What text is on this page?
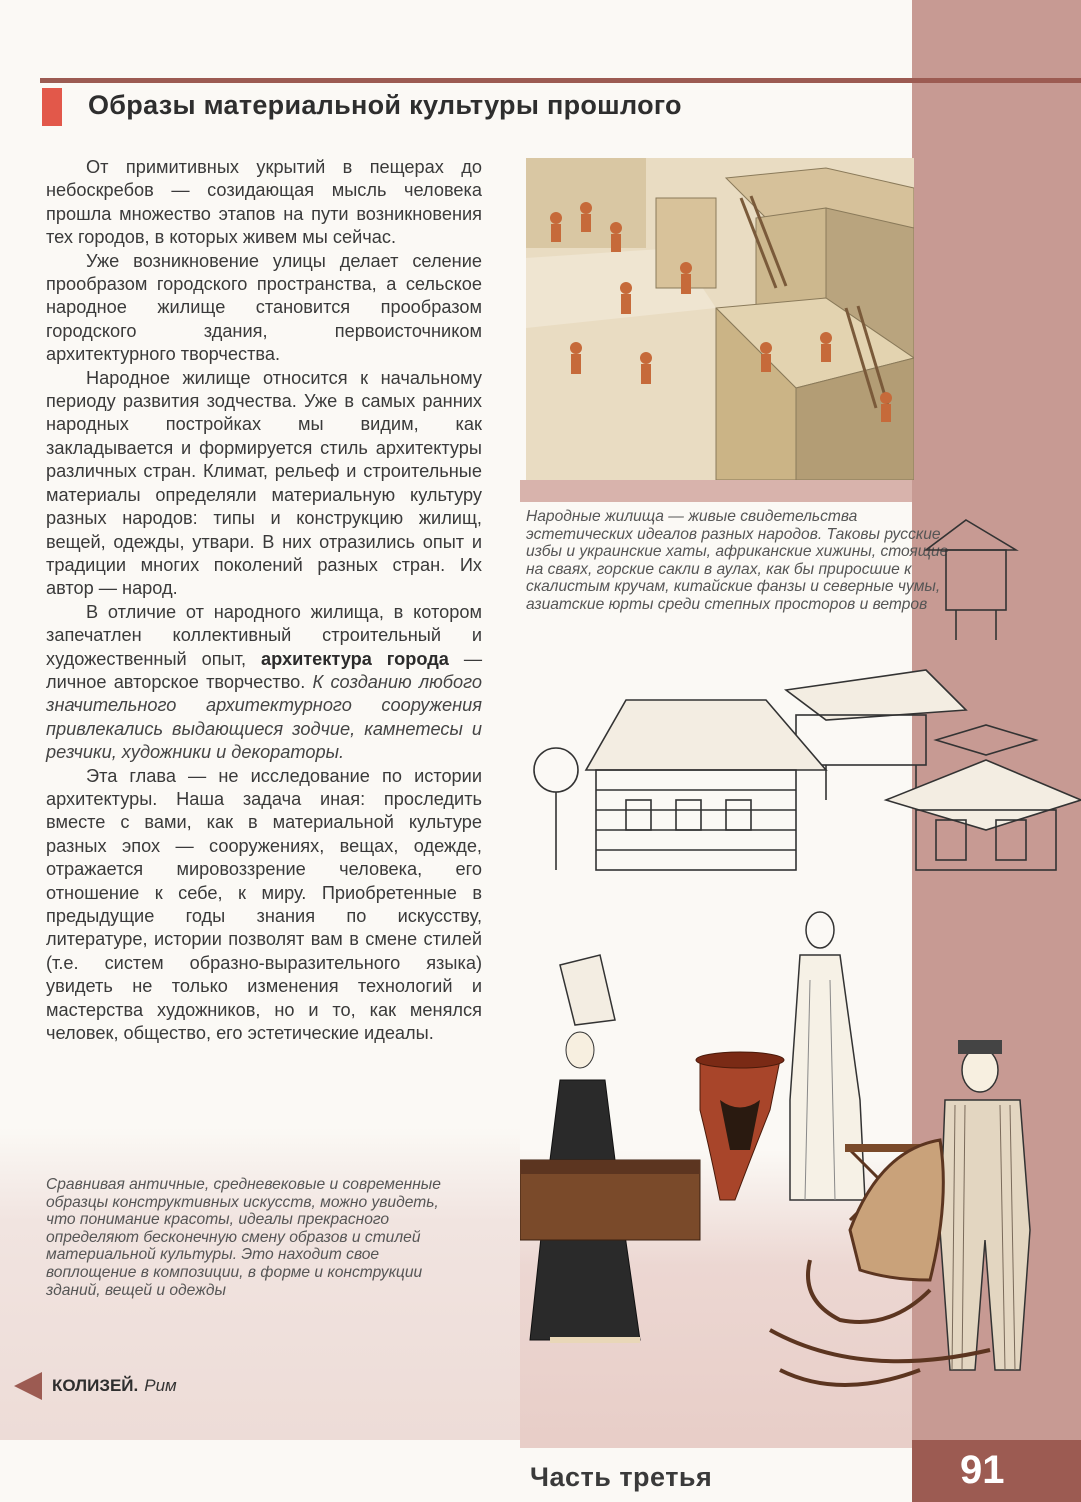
Образы материальной культуры прошлого

От примитивных укрытий в пещерах до небоскребов — созидающая мысль человека прошла множество этапов на пути возникновения тех городов, в которых живем мы сейчас.

Уже возникновение улицы делает селение прообразом городского пространства, а сельское народное жилище становится прообразом городского здания, первоисточником архитектурного творчества.

Народное жилище относится к начальному периоду развития зодчества. Уже в самых ранних народных постройках мы видим, как закладывается и формируется стиль архитектуры различных стран. Климат, рельеф и строительные материалы определяли материальную культуру разных народов: типы и конструкцию жилищ, вещей, одежды, утвари. В них отразились опыт и традиции многих поколений разных стран. Их автор — народ.

В отличие от народного жилища, в котором запечатлен коллективный строительный и художественный опыт, архитектура города — личное авторское творчество. К созданию любого значительного архитектурного сооружения привлекались выдающиеся зодчие, камнетесы и резчики, художники и декораторы.

Эта глава — не исследование по истории архитектуры. Наша задача иная: проследить вместе с вами, как в материальной культуре разных эпох — сооружениях, вещах, одежде, отражается мировоззрение человека, его отношение к себе, к миру. Приобретенные в предыдущие годы знания по искусству, литературе, истории позволят вам в смене стилей (т.е. систем образно-выразительного языка) увидеть не только изменения технологий и мастерства художников, но и то, как менялся человек, общество, его эстетические идеалы.

Народные жилища — живые свидетельства эстетических идеалов разных народов. Таковы русские избы и украинские хаты, африканские хижины, стоящие на сваях, горские сакли в аулах, как бы приросшие к скалистым кручам, китайские фанзы и северные чумы, азиатские юрты среди степных просторов и ветров
Сравнивая античные, средневековые и современные образцы конструктивных искусств, можно увидеть, что понимание красоты, идеалы прекрасного определяют бесконечную смену образов и стилей материальной культуры. Это находит свое воплощение в композиции, в форме и конструкции зданий, вещей и одежды
КОЛИЗЕЙ. Рим
Часть третья	91
